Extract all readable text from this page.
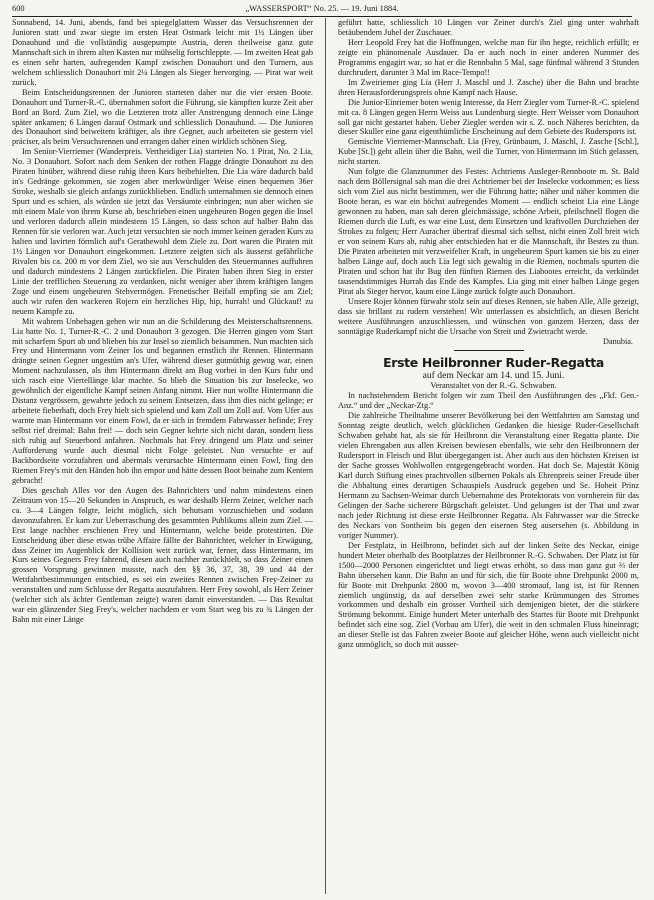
600	„WASSERSPORT“ No. 25. — 19. Juni 1884.

Sonnabend, 14. Juni, abends, fand bei spiegelglattem Wasser das Versuchsrennen der Junioren statt und zwar siegte im ersten Heat Ostmark leicht mit 1½ Längen über Donauhund und die vollständig ausgepumpte Austria, deren theilweise ganz gute Mannschaft sich in ihrem alten Kasten nur mühselig fortschleppte. — Im zweiten Heat gab es einen sehr harten, aufregenden Kampf zwischen Donauhort und den Turnern, aus welchem schliesslich Donauhort mit 2¼ Längen als Sieger hervorging. — Pirat war weit zurück.

Beim Entscheidungsrennen der Junioren starteten daher nur die vier ersten Boote. Donauhort und Turner-R.-C. übernahmen sofort die Führung, sie kämpften kurze Zeit aber Bord an Bord. Zum Ziel, wo die Letzteren trotz aller Anstrengung dennoch eine Länge später ankamen; 6 Längen darauf Ostmark und schliesslich Donauhund. — Die Junioren des Donauhort sind beiweitem kräftiger, als ihre Gegner, auch arbeiteten sie gestern viel präciser, als beim Versuchsrennen und errangen daher einen wirklich schönen Sieg.

Im Senior-Vierriemer (Wanderpreis. Vertheidiger Lia) starteten No. 1 Pirat, No. 2 Lia, No. 3 Donauhort. Sofort nach dem Senken der rothen Flagge drängte Donauhort zu den Piraten hinüber, während diese ruhig ihren Kurs beibehielten. Die Lia wäre dadurch bald in's Gedränge gekommen, sie zogen aber merkwürdiger Weise einen bequemen 36er Stroke, weshalb sie gleich anfangs zurückblieben. Endlich unternahmen sie dennoch einen Spurt und es schien, als würden sie jetzt das Versäumte einbringen; nun aber wichen sie mit einem Male von ihrem Kurse ab, beschrieben einen ungeheuren Bogen gegen die Insel und verloren dadurch allein mindestens 15 Längen, so dass schon auf halber Bahn das Rennen für sie verloren war. Auch jetzt versuchten sie noch immer keinen geraden Kurs zu halten und lavirten förmlich auf's Gerathewohl dem Ziele zu. Dort waren die Piraten mit 1½ Längen vor Donauhort eingekommen. Letztere zeigten sich als äusserst gefährliche Rivalen bis ca. 200 m vor dem Ziel, wo sie aus Verschulden des Steuermannes auffuhren und dadurch mindestens 2 Längen zurückfielen. Die Piraten haben ihren Sieg in erster Linie der trefflichen Steuerung zu verdanken, nicht weniger aber ihrem kräftigen langen Zuge und einem ungeheuren Stehvermögen. Frenetischer Beifall empfing sie am Ziel; auch wir rufen den wackeren Rojern ein herzliches Hip, hip, hurrah! und Glückauf! zu neuem Kampfe zu.

Mit wahrem Unbehagen gehen wir nun an die Schilderung des Meisterschaftsrennens. Lia hatte No. 1, Turner-R.-C. 2 und Donauhort 3 gezogen. Die Herren gingen vom Start mit scharfem Spurt ab und blieben bis zur Insel so ziemlich beisammen. Nun machten sich Frey und Hintermann vom Zeiner los und begannen ernstlich ihr Rennen. Hintermann drängte seinen Gegner ungestüm an's Ufer, während dieser gutmüthig gewug war, einen Moment nachzulassen, als ihm Hintermann direkt am Bug vorbei in den Kurs fuhr und sich rasch eine Viertellänge klar machte. So blieb die Situation bis zur Inselecke, wo gewöhnlich der eigentliche Kampf seinen Anfang nimmt. Hier nun wollte Hintermann die Distanz vergrössern, gewahrte jedoch zu seinem Entsetzen, dass ihm dies nicht gelinge; er arbeitete fieberhaft, doch Frey hielt sich spielend und kam Zoll um Zoll auf. Vom Ufer aus warnte man Hintermann vor einem Fowl, da er sich in fremdem Fahrwasser befinde; Frey selbst rief dreimal: Bahn frei! — doch sein Gegner kehrte sich nicht daran, sondern liess sich ruhig auf Steuerbord anfahren. Nochmals hat Frey dringend um Platz und seiner Aufforderung wurde auch diesmal nicht Folge geleistet. Nun versuchte er auf Backbordseite vorzufahren und abermals verursachte Hintermann einen Fowl, fing den Riemen Frey's mit den Händen hob ihn empor und hätte dessen Boot beinahe zum Kentern gebracht!

Dies geschah Alles vor den Augen des Bahnrichters und nahm mindestens einen Zeitraum von 15—20 Sekunden in Anspruch, es war deshalb Herrn Zeiner, welcher nach ca. 3—4 Längen folgte, leicht möglich, sich behutsam vorzuschieben und sodann davonzufahren. Er kam zur Ueberraschung des gesammten Publikums allein zum Ziel. — Erst lange nachher erschienen Frey und Hintermann, welche beide protestirten. Die Entscheidung über diese etwas trübe Affaire fällte der Bahnrichter, welcher in Erwägung, dass Zeiner im Augenblick der Kollision weit zurück war, ferner, dass Hintermann, im Kurs seines Gegners Frey fahrend, diesen auch nachher zurückhielt, so dass Zeiner einen grossen Vorsprung gewinnen musste, nach den §§ 36, 37, 38, 39 und 44 der Wettfahrtbestimmungen entschied, es sei ein zweites Rennen zwischen Frey-Zeiner zu veranstalten und zum Schlusse der Regatta auszufahren. Herr Frey sowohl, als Herr Zeiner (welcher sich als ächter Gentleman zeigte) waren damit einverstanden. — Das Resultat war ein glänzender Sieg Frey's, welcher nachdem er vom Start weg bis zu ¾ Längen der Bahn mit einer Länge

geführt hatte, schliesslich 10 Längen vor Zeiner durch's Ziel ging unter wahrhaft betäubendem Jubel der Zuschauer.

Herr Leopold Frey hat die Hoffnungen, welche man für ihn hegte, reichlich erfüllt; er zeigte ein phänomenale Ausdauer. Da er auch noch in einer anderen Nummer des Programms engagirt war, so hat er die Rennbahn 5 Mal, sage fünfmal während 3 Stunden durchrudert, darunter 3 Mal im Race-Tempo!!

Im Zweiriemer ging Lia (Herr J. Maschl und J. Zasche) über die Bahn und brachte ihren Herausforderungspreis ohne Kampf nach Hause.

Die Junior-Einriemer boten wenig Interesse, da Herr Ziegler vom Turner-R.-C. spielend mit ca. 8 Längen gegen Herrn Weiss aus Lundenburg siegte. Herr Weisser vom Donauhort soll gar nicht gestartet haben. Ueber Ziegler werden wir s. Z. noch Näheres berichten, da dieser Skuller eine ganz eigenthümliche Erscheinung auf dem Gebiete des Rudersports ist.

Gemischte Vierriemer-Mannschaft. Lia (Frey, Grünbaum, J. Maschl, J. Zasche [Schl.], Kube [St.]) geht allein über die Bahn, weil die Turner, von Hintermann im Stich gelassen, nicht starten.

Nun folgte die Glanznummer des Festes: Achtriems Ausleger-Rennboote m. St. Bald nach dem Böllersignal sah man die drei Achtriemer bei der Inselecke vorkommen; es liess sich vom Ziel aus nicht bestimmen, wer die Führung hatte; näher und näher kommen die Boote heran, es war ein höchst aufregendes Moment — endlich scheint Lia eine Länge gewonnen zu haben, man sah deren gleichmässige, schöne Arbeit, pfeilschnell flogen die Riemen durch die Luft, es war eine Lust, dem Einsetzen und kraftvollen Durchziehen der Strokes zu folgen; Herr Auracher übertraf diesmal sich selbst, nicht einen Zoll breit wich er von seinem Kurs ab, ruhig aber entschieden hat er die Mannschaft, ihr Bestes zu thun. Die Piraten arbeiteten mit verzweifelter Kraft, in ungeheurem Spurt kamen sie bis zu einer halben Länge auf, doch auch Lia legt sich gewaltig in die Riemen, nochmals spurten die Piraten und schon hat ihr Bug den fünften Riemen des Liabootes erreicht, da verkündet tausendstimmiges Hurrah das Ende des Kampfes. Lia ging mit einer halben Länge gegen Pirat als Sieger hervor, kaum eine Länge zurück folgte auch Donauhort.

Unsere Rojer können fürwahr stolz sein auf dieses Rennen, sie haben Alle, Alle gezeigt, dass sie brillant zu rudern verstehen! Wir unterlassen es absichtlich, an diesen Bericht weitere Ausführungen anzuschliessen, und wünschen von ganzem Herzen, dass der sonntägige Ruderkampf nicht die Ursache von Streit und Zwietracht werde.

Danubia.

Erste Heilbronner Ruder-Regatta

auf dem Neckar am 14. und 15. Juni.

Veranstaltet von der R.-G. Schwaben.

In nachstehendem Bericht folgen wir zum Theil den Ausführungen des „Fkf. Gen.-Anz.“ und der „Neckar-Ztg.“

Die zahlreiche Theilnahme unserer Bevölkerung bei den Wettfahrten am Samstag und Sonntag zeigte deutlich, welch glücklichen Gedanken die hiesige Ruder-Gesellschaft Schwaben gehabt hat, als sie für Heilbronn die Veranstaltung einer Regatta plante. Die vielen Ehrengaben aus allen Kreisen bewiesen ebenfalls, wie sehr den Heilbronnern der Rudersport in Fleisch und Blut übergegangen ist. Aber auch aus den höchsten Kreisen ist der Sache grosses Wohlwollen entgegengebracht worden. Hat doch Se. Majestät König Karl durch Stiftung eines prachtvollen silbernen Pokals als Ehrenpreis seiner Freude über die Abhaltung eines derartigen Schauspiels Ausdruck gegeben und Se. Hoheit Prinz Hermann zu Sachsen-Weimar durch Uebernahme des Protektorats von vornherein für das Gelingen der Sache sicherere Bürgschaft geleistet. Und gelungen ist der That und zwar nach jeder Richtung ist diese erste Heilbronner Regatta. Als Fahrwasser war die Strecke des Neckars von Sontheim bis gegen den eisernen Steg ausersehen (s. Abbildung in voriger Nummer).

Der Festplatz, in Heilbronn, befindet sich auf der linken Seite des Neckar, einige hundert Meter oberhalb des Bootplatzes der Heilbronner R.-G. Schwaben. Der Platz ist für 1500—2000 Personen eingerichtet und liegt etwas erhöht, so dass man ganz gut ⅔ der Bahn übersehen kann. Die Bahn an und für sich, die für Boote ohne Drehpunkt 2000 m, für Boote mit Drehpunkt 2800 m, wovon 3—400 stromauf, lang ist, ist für Rennen ziemlich ungünstig, da auf derselben zwei sehr starke Krümmungen des Stromes vorkommen und deshalb ein grosser Vortheil sich demjenigen bietet, der die stärkere Strömung bekommt. Einige hundert Meter unterhalb des Startes für Boote mit Drehpunkt befindet sich eine sog. Ziel (Vorbau am Ufer), die weit in den schmalen Fluss hineinragt; an dieser Stelle ist das Fahren zweier Boote auf gleicher Höhe, wenn auch vielleicht nicht ganz unmöglich, so doch mit ausser-
